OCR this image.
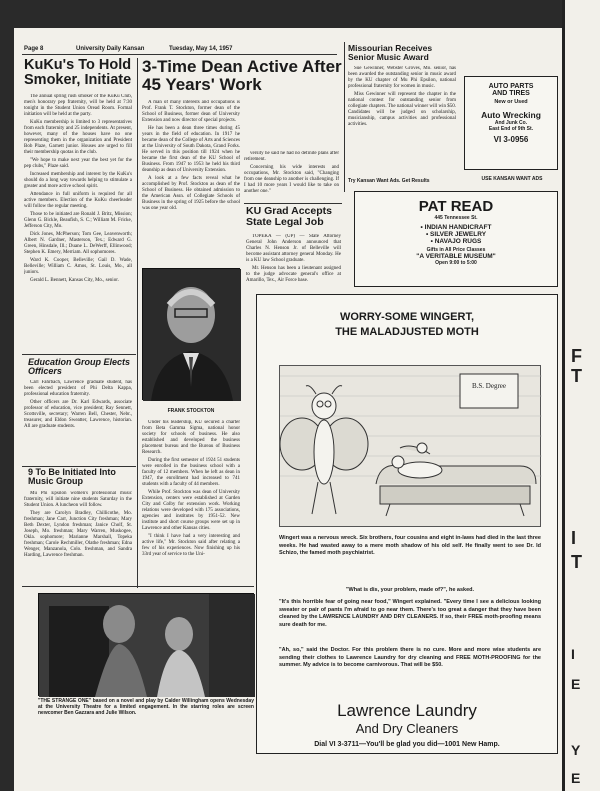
Page 8	University Daily Kansan	Tuesday, May 14, 1957
KuKu's To Hold Smoker, Initiate

The annual spring rush smoker of the KuKu Club, men's honorary pep fraternity, will be held at 7:30 tonight in the Student Union Oread Room. Formal initiation will be held at the party.

KuKu membership is limited to 3 representatives from each fraternity and 25 independents. At present, however, many of the houses have no one representing them in the organization and President Bob Plaze, Garnett junior. Houses are urged to fill their membership quotas in the club.

"We hope to make next year the best yet for the pep clubs," Plaze said.

Increased membership and interest by the KuKu's should do a long way towards helping to stimulate a greater and more active school spirit.

Attendance in full uniform is required for all active members. Election of the KuKu cheerleader will follow the regular meeting.

Those to be initiated are Ronald J. Britz, Mission; Glenn G. Bickle, Beaufish, S. C.; William M. Fricke, Jefferson City, Mo.

Dick Jones, McPherson; Tom Gee, Leavenworth; Albert N. Gardner, Masterson, Tex.; Edward G. Green, Hinsdale, Ill.; Duane L. DeWerff, Ellinwood; Stephen K. Emery, Merriam. All sophomores.

Ward K. Cooper, Belleville; Gail D. Wade, Belleville; William C. Amos, St. Louis, Mo., all juniors.

Gerald L. Bennett, Kansas City, Mo., senior.

Education Group Elects Officers

Carl Fahrbach, Lawrence graduate student, has been elected president of Phi Delta Kappa, professional education fraternity.

Other officers are Dr. Karl Edwards, associate professor of education, vice president; Ray Sennett, Scottsville, secretary; Warren Bell, Chester, Nebr., treasurer, and Eldon Sweatter, Lawrence, historian. All are graduate students.

9 To Be Initiated Into Music Group

Mu Phi Epsilon women's professional music fraternity, will initiate nine students Saturday in the Student Union. A luncheon will follow.

They are Carolyn Bradley, Chillicothe, Mo. freshman; Jane Carr, Junction City freshman; Mary Beth Dexter, Lyndon freshman; Janice Cholf, St. Joseph, Mo. freshman; Mary Warren, Muskogee, Okla. sophomore; Marianne Marshall, Topeka freshman; Carole Rechmiller, Olathe freshman; Edna Wenger, Manzanola, Colo. freshman, and Sandra Harding, Lawrence freshman.

"THE STRANGE ONE" based on a novel and play by Calder Willingham opens Wednesday at the University Theatre for a limited engagement. In the starring roles are screen newcomer Ben Gazzara and Julie Wilson.
3-Time Dean Active After 45 Years' Work

A man of many interests and occupations is Prof. Frank T. Stockton, former dean of the School of Business, former dean of University Extension and now director of special projects.

He has been a dean three times during 45 years in the field of education. In 1917 he became dean of the College of Arts and Sciences at the University of South Dakota, Grand Forks. He served in this position till 1924 when he became the first dean of the KU School of Business. From 1947 to 1953 he held his third deanship as dean of University Extension.

A look at a few facts reveal what he accomplished by Prof. Stockton as dean of the School of Business. He obtained admission to the American Assn. of Collegiate Schools of Business in the spring of 1925 before the school was one year old.

versity he said he had no definite plans after retirement.

Concerning his wide interests and occupations, Mr. Stockton said, "Changing from one deanship to another is challenging. If I had 10 more years I would like to take on another one."

FRANK STOCKTON

Under his leadership, KU secured a charter from Beta Gamma Sigma, national honor society for schools of business. He also established and developed the business placement bureau and the Bureau of Business Research.

During the first semester of 1924 51 students were enrolled in the business school with a faculty of 12 members. When he left as dean in 1947, the enrollment had increased to 741 students with a faculty of 44 members.

While Prof. Stockton was dean of University Extension, centers were established at Garden City and Colby for extension work. Working relations were developed with 175 associations, agencies and institutes by 1951-52. New institute and short course groups were set up in Lawrence and other Kansas cities.

"I think I have had a very interesting and active life," Mr. Stockton said after relating a few of his experiences. Now finishing up his 33rd year of service to the Uni-

KU Grad Accepts State Legal Job

TOPEKA — (UP) — State Attorney General John Anderson announced that Charles N. Henson Jr. of Belleville will become assistant attorney general Monday. He is a KU law School graduate.

Mr. Henson has been a lieutenant assigned to the judge advocate general's office at Amarillo, Tex., Air Force base.

Missourian Receives Senior Music Award

Sue Gewinner, Webster Groves, Mo. senior, has been awarded the outstanding senior in music award by the KU chapter of Mu Phi Epsilon, national professional fraternity for women in music.

Miss Gewinner will represent the chapter in the national contest for outstanding senior from collegiate chapters. The national winner will win $50. Candidates will be judged on scholarship, musicianship, campus activities and professional activities.

Try Kansan Want Ads. Get Results
AUTO PARTS
AND TIRES
New or Used
Auto Wrecking
And Junk Co.
East End of 9th St.
VI 3-0956
USE KANSAN WANT ADS
PAT READ
445 Tennessee St.
• INDIAN HANDICRAFT
• SILVER JEWELRY
• NAVAJO RUGS
Gifts in All Price Classes
"A VERITABLE MUSEUM"
Open 9:00 to 5:00
WORRY-SOME WINGERT,
THE MALADJUSTED MOTH
B.S. Degree
Wingert was a nervous wreck. Six brothers, four cousins and eight in-laws had died in the last three weeks. He had wasted away to a mere moth shadow of his old self. He finally went to see Dr. Id Schizo, the famed moth psychiatrist.
"What is dis, your problem, made of?", he asked.
"It's this horrible fear of going near food," Wingert explained. "Every time I see a delicious looking sweater or pair of pants I'm afraid to go near them. There's too great a danger that they have been cleaned by the LAWRENCE LAUNDRY AND DRY CLEANERS. If so, their FREE moth-proofing means sure death for me.
"Ah, so," said the Doctor. For this problem there is no cure. More and more wise students are sending their clothes to Lawrence Laundry for dry cleaning and FREE MOTH-PROOFING for the summer. My advice is to become carnivorous. That will be $50.
Lawrence Laundry
And Dry Cleaners
Dial VI 3-3711—You'll be glad you did—1001 New Hamp.
F
T
I
T
I
E
Y
E
